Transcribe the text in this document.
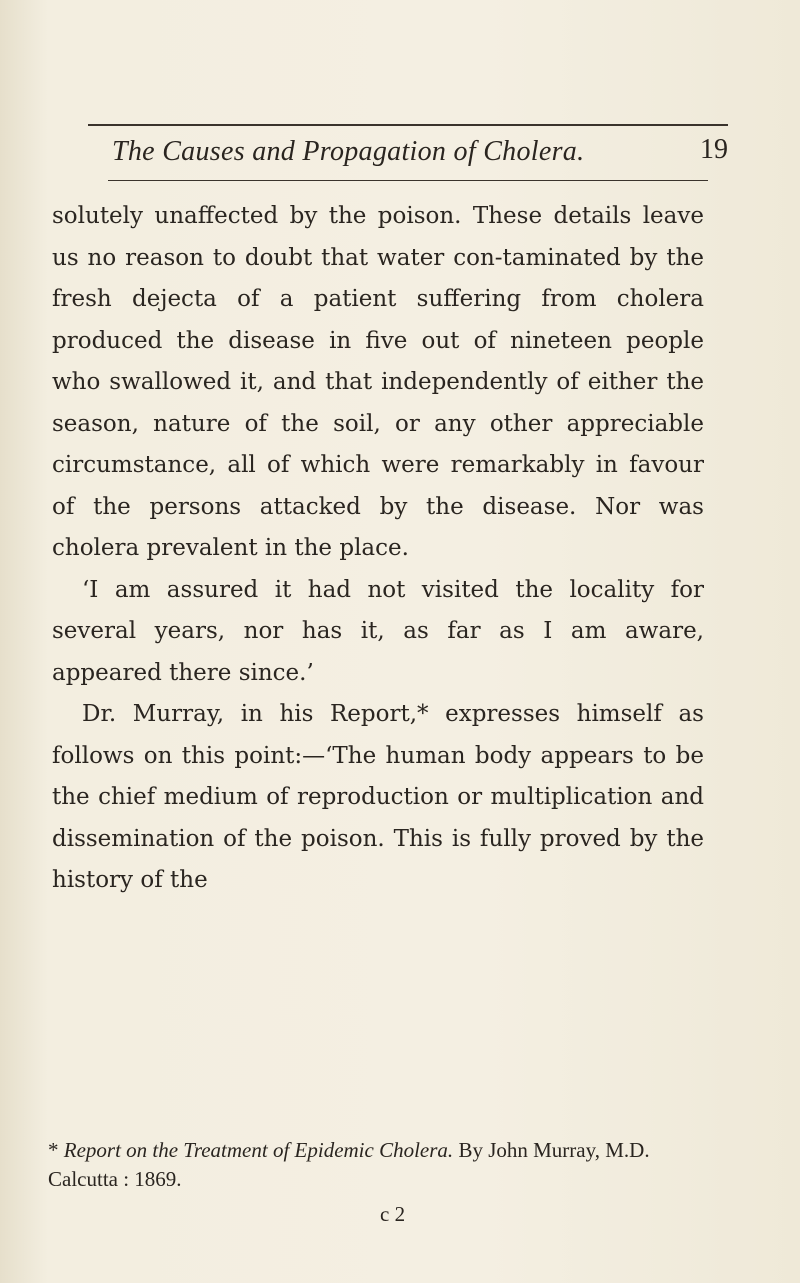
The Causes and Propagation of Cholera.	19

solutely unaffected by the poison. These details leave us no reason to doubt that water con-taminated by the fresh dejecta of a patient suffering from cholera produced the disease in five out of nineteen people who swallowed it, and that independently of either the season, nature of the soil, or any other appreciable circumstance, all of which were remarkably in favour of the persons attacked by the disease. Nor was cholera prevalent in the place.

‘I am assured it had not visited the locality for several years, nor has it, as far as I am aware, appeared there since.’

Dr. Murray, in his Report,* expresses himself as follows on this point:—‘The human body appears to be the chief medium of reproduction or multiplication and dissemination of the poison. This is fully proved by the history of the

* Report on the Treatment of Epidemic Cholera. By John Murray, M.D. Calcutta : 1869.
c 2
